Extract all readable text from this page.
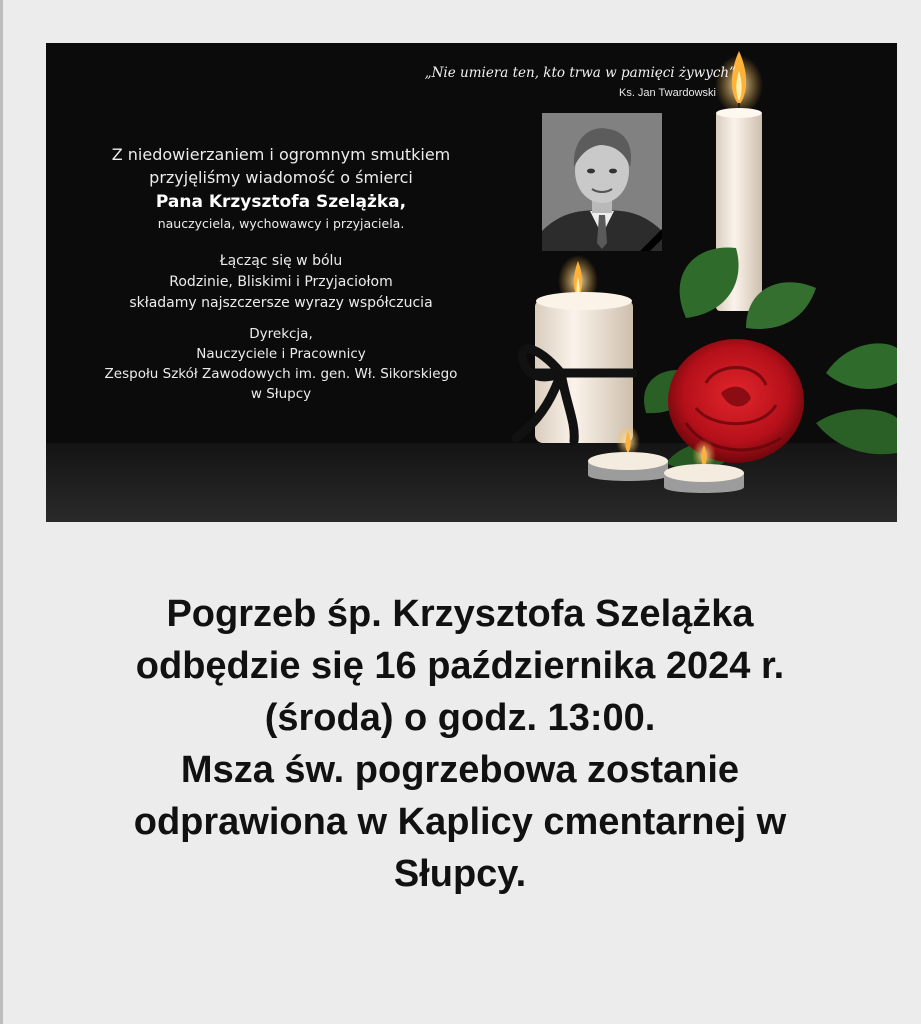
„Nie umiera ten, kto trwa w pamięci żywych”
Ks. Jan Twardowski
Z niedowierzaniem i ogromnym smutkiem
przyjęliśmy wiadomość o śmierci
Pana Krzysztofa Szelążka,
nauczyciela, wychowawcy i przyjaciela.
Łącząc się w bólu
Rodzinie, Bliskimi i Przyjaciołom
składamy najszczersze wyrazy współczucia
Dyrekcja,
Nauczyciele i Pracownicy
Zespołu Szkół Zawodowych im. gen. Wł. Sikorskiego
w Słupcy
Pogrzeb śp. Krzysztofa Szelążka
odbędzie się 16 października 2024 r.
(środa) o godz. 13:00.
Msza św. pogrzebowa zostanie
odprawiona w Kaplicy cmentarnej w
Słupcy.
